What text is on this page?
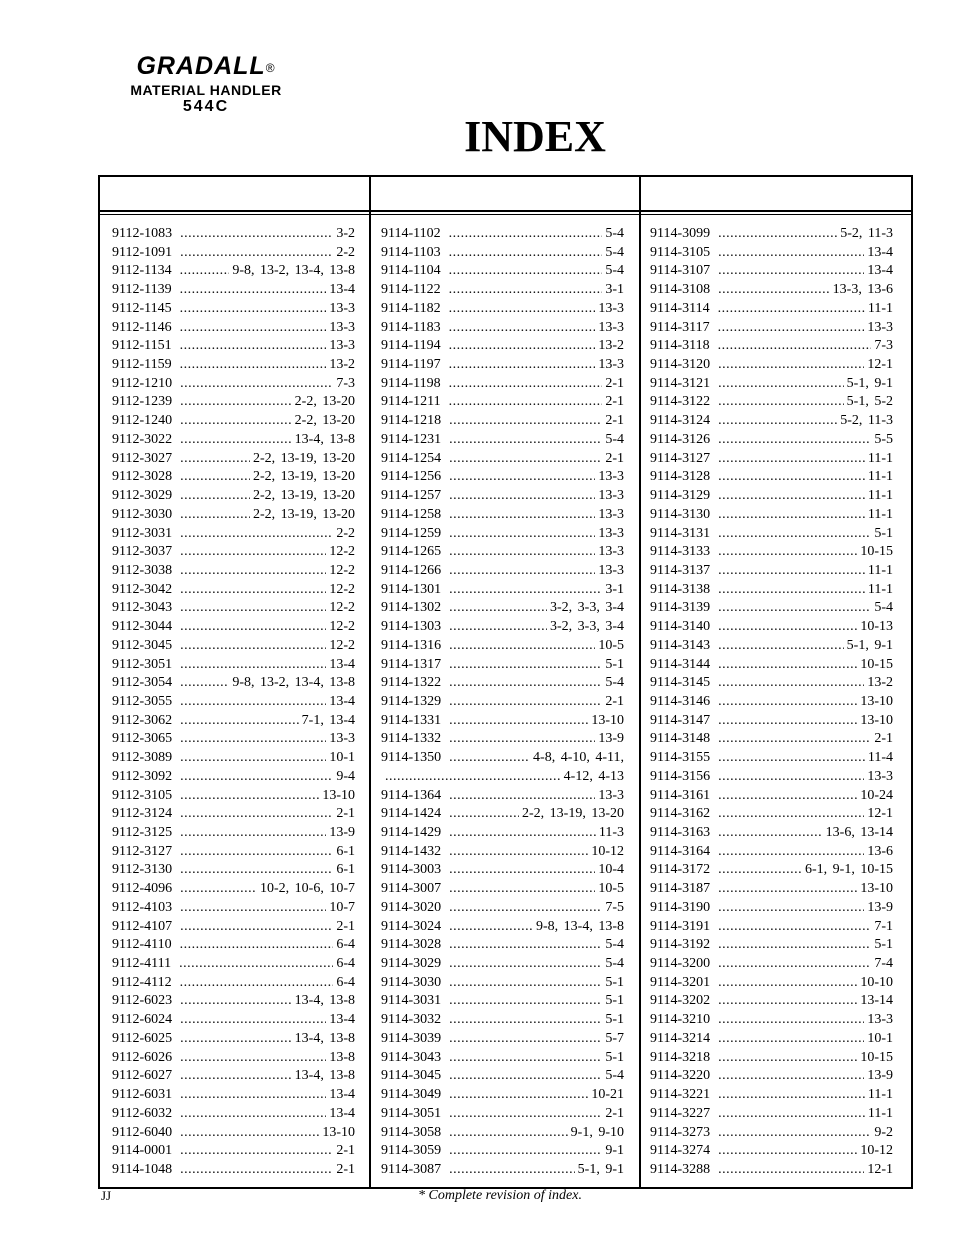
GRADALL®
MATERIAL HANDLER
544C
INDEX
9112-1083 . . .	3-2
9112-1091 . . .	2-2
9112-1134 . . .	9-8, 13-2, 13-4, 13-8
9112-1139 . . .	13-4
9112-1145 . . .	13-3
9112-1146 . . .	13-3
9112-1151 . . .	13-3
9112-1159 . . .	13-2
9112-1210 . . .	7-3
9112-1239 . . .	2-2, 13-20
9112-1240 . . .	2-2, 13-20
9112-3022 . . .	13-4, 13-8
9112-3027 . . .	2-2, 13-19, 13-20
9112-3028 . . .	2-2, 13-19, 13-20
9112-3029 . . .	2-2, 13-19, 13-20
9112-3030 . . .	2-2, 13-19, 13-20
9112-3031 . . .	2-2
9112-3037 . . .	12-2
9112-3038 . . .	12-2
9112-3042 . . .	12-2
9112-3043 . . .	12-2
9112-3044 . . .	12-2
9112-3045 . . .	12-2
9112-3051 . . .	13-4
9112-3054 . . .	9-8, 13-2, 13-4, 13-8
9112-3055 . . .	13-4
9112-3062 . . .	7-1, 13-4
9112-3065 . . .	13-3
9112-3089 . . .	10-1
9112-3092 . . .	9-4
9112-3105 . . .	13-10
9112-3124 . . .	2-1
9112-3125 . . .	13-9
9112-3127 . . .	6-1
9112-3130 . . .	6-1
9112-4096 . . .	10-2, 10-6, 10-7
9112-4103 . . .	10-7
9112-4107 . . .	2-1
9112-4110 . . .	6-4
9112-4111 . . .	6-4
9112-4112 . . .	6-4
9112-6023 . . .	13-4, 13-8
9112-6024 . . .	13-4
9112-6025 . . .	13-4, 13-8
9112-6026 . . .	13-8
9112-6027 . . .	13-4, 13-8
9112-6031 . . .	13-4
9112-6032 . . .	13-4
9112-6040 . . .	13-10
9114-0001 . . .	2-1
9114-1048 . . .	2-1
9114-1102 . . .	5-4
9114-1103 . . .	5-4
9114-1104 . . .	5-4
9114-1122 . . .	3-1
9114-1182 . . .	13-3
9114-1183 . . .	13-3
9114-1194 . . .	13-2
9114-1197 . . .	13-3
9114-1198 . . .	2-1
9114-1211 . . .	2-1
9114-1218 . . .	2-1
9114-1231 . . .	5-4
9114-1254 . . .	2-1
9114-1256 . . .	13-3
9114-1257 . . .	13-3
9114-1258 . . .	13-3
9114-1259 . . .	13-3
9114-1265 . . .	13-3
9114-1266 . . .	13-3
9114-1301 . . .	3-1
9114-1302 . . .	3-2, 3-3, 3-4
9114-1303 . . .	3-2, 3-3, 3-4
9114-1316 . . .	10-5
9114-1317 . . .	5-1
9114-1322 . . .	5-4
9114-1329 . . .	2-1
9114-1331 . . .	13-10
9114-1332 . . .	13-9
9114-1350 . . .	4-8, 4-10, 4-11,
. . .
4-12, 4-13
9114-1364 . . .	13-3
9114-1424 . . .	2-2, 13-19, 13-20
9114-1429 . . .	11-3
9114-1432 . . .	10-12
9114-3003 . . .	10-4
9114-3007 . . .	10-5
9114-3020 . . .	7-5
9114-3024 . . .	9-8, 13-4, 13-8
9114-3028 . . .	5-4
9114-3029 . . .	5-4
9114-3030 . . .	5-1
9114-3031 . . .	5-1
9114-3032 . . .	5-1
9114-3039 . . .	5-7
9114-3043 . . .	5-1
9114-3045 . . .	5-4
9114-3049 . . .	10-21
9114-3051 . . .	2-1
9114-3058 . . .	9-1, 9-10
9114-3059 . . .	9-1
9114-3087 . . .	5-1, 9-1
9114-3099 . . .	5-2, 11-3
9114-3105 . . .	13-4
9114-3107 . . .	13-4
9114-3108 . . .	13-3, 13-6
9114-3114 . . .	11-1
9114-3117 . . .	13-3
9114-3118 . . .	7-3
9114-3120 . . .	12-1
9114-3121 . . .	5-1, 9-1
9114-3122 . . .	5-1, 5-2
9114-3124 . . .	5-2, 11-3
9114-3126 . . .	5-5
9114-3127 . . .	11-1
9114-3128 . . .	11-1
9114-3129 . . .	11-1
9114-3130 . . .	11-1
9114-3131 . . .	5-1
9114-3133 . . .	10-15
9114-3137 . . .	11-1
9114-3138 . . .	11-1
9114-3139 . . .	5-4
9114-3140 . . .	10-13
9114-3143 . . .	5-1, 9-1
9114-3144 . . .	10-15
9114-3145 . . .	13-2
9114-3146 . . .	13-10
9114-3147 . . .	13-10
9114-3148 . . .	2-1
9114-3155 . . .	11-4
9114-3156 . . .	13-3
9114-3161 . . .	10-24
9114-3162 . . .	12-1
9114-3163 . . .	13-6, 13-14
9114-3164 . . .	13-6
9114-3172 . . .	6-1, 9-1, 10-15
9114-3187 . . .	13-10
9114-3190 . . .	13-9
9114-3191 . . .	7-1
9114-3192 . . .	5-1
9114-3200 . . .	7-4
9114-3201 . . .	10-10
9114-3202 . . .	13-14
9114-3210 . . .	13-3
9114-3214 . . .	10-1
9114-3218 . . .	10-15
9114-3220 . . .	13-9
9114-3221 . . .	11-1
9114-3227 . . .	11-1
9114-3273 . . .	9-2
9114-3274 . . .	10-12
9114-3288 . . .	12-1
JJ	* Complete revision of index.
